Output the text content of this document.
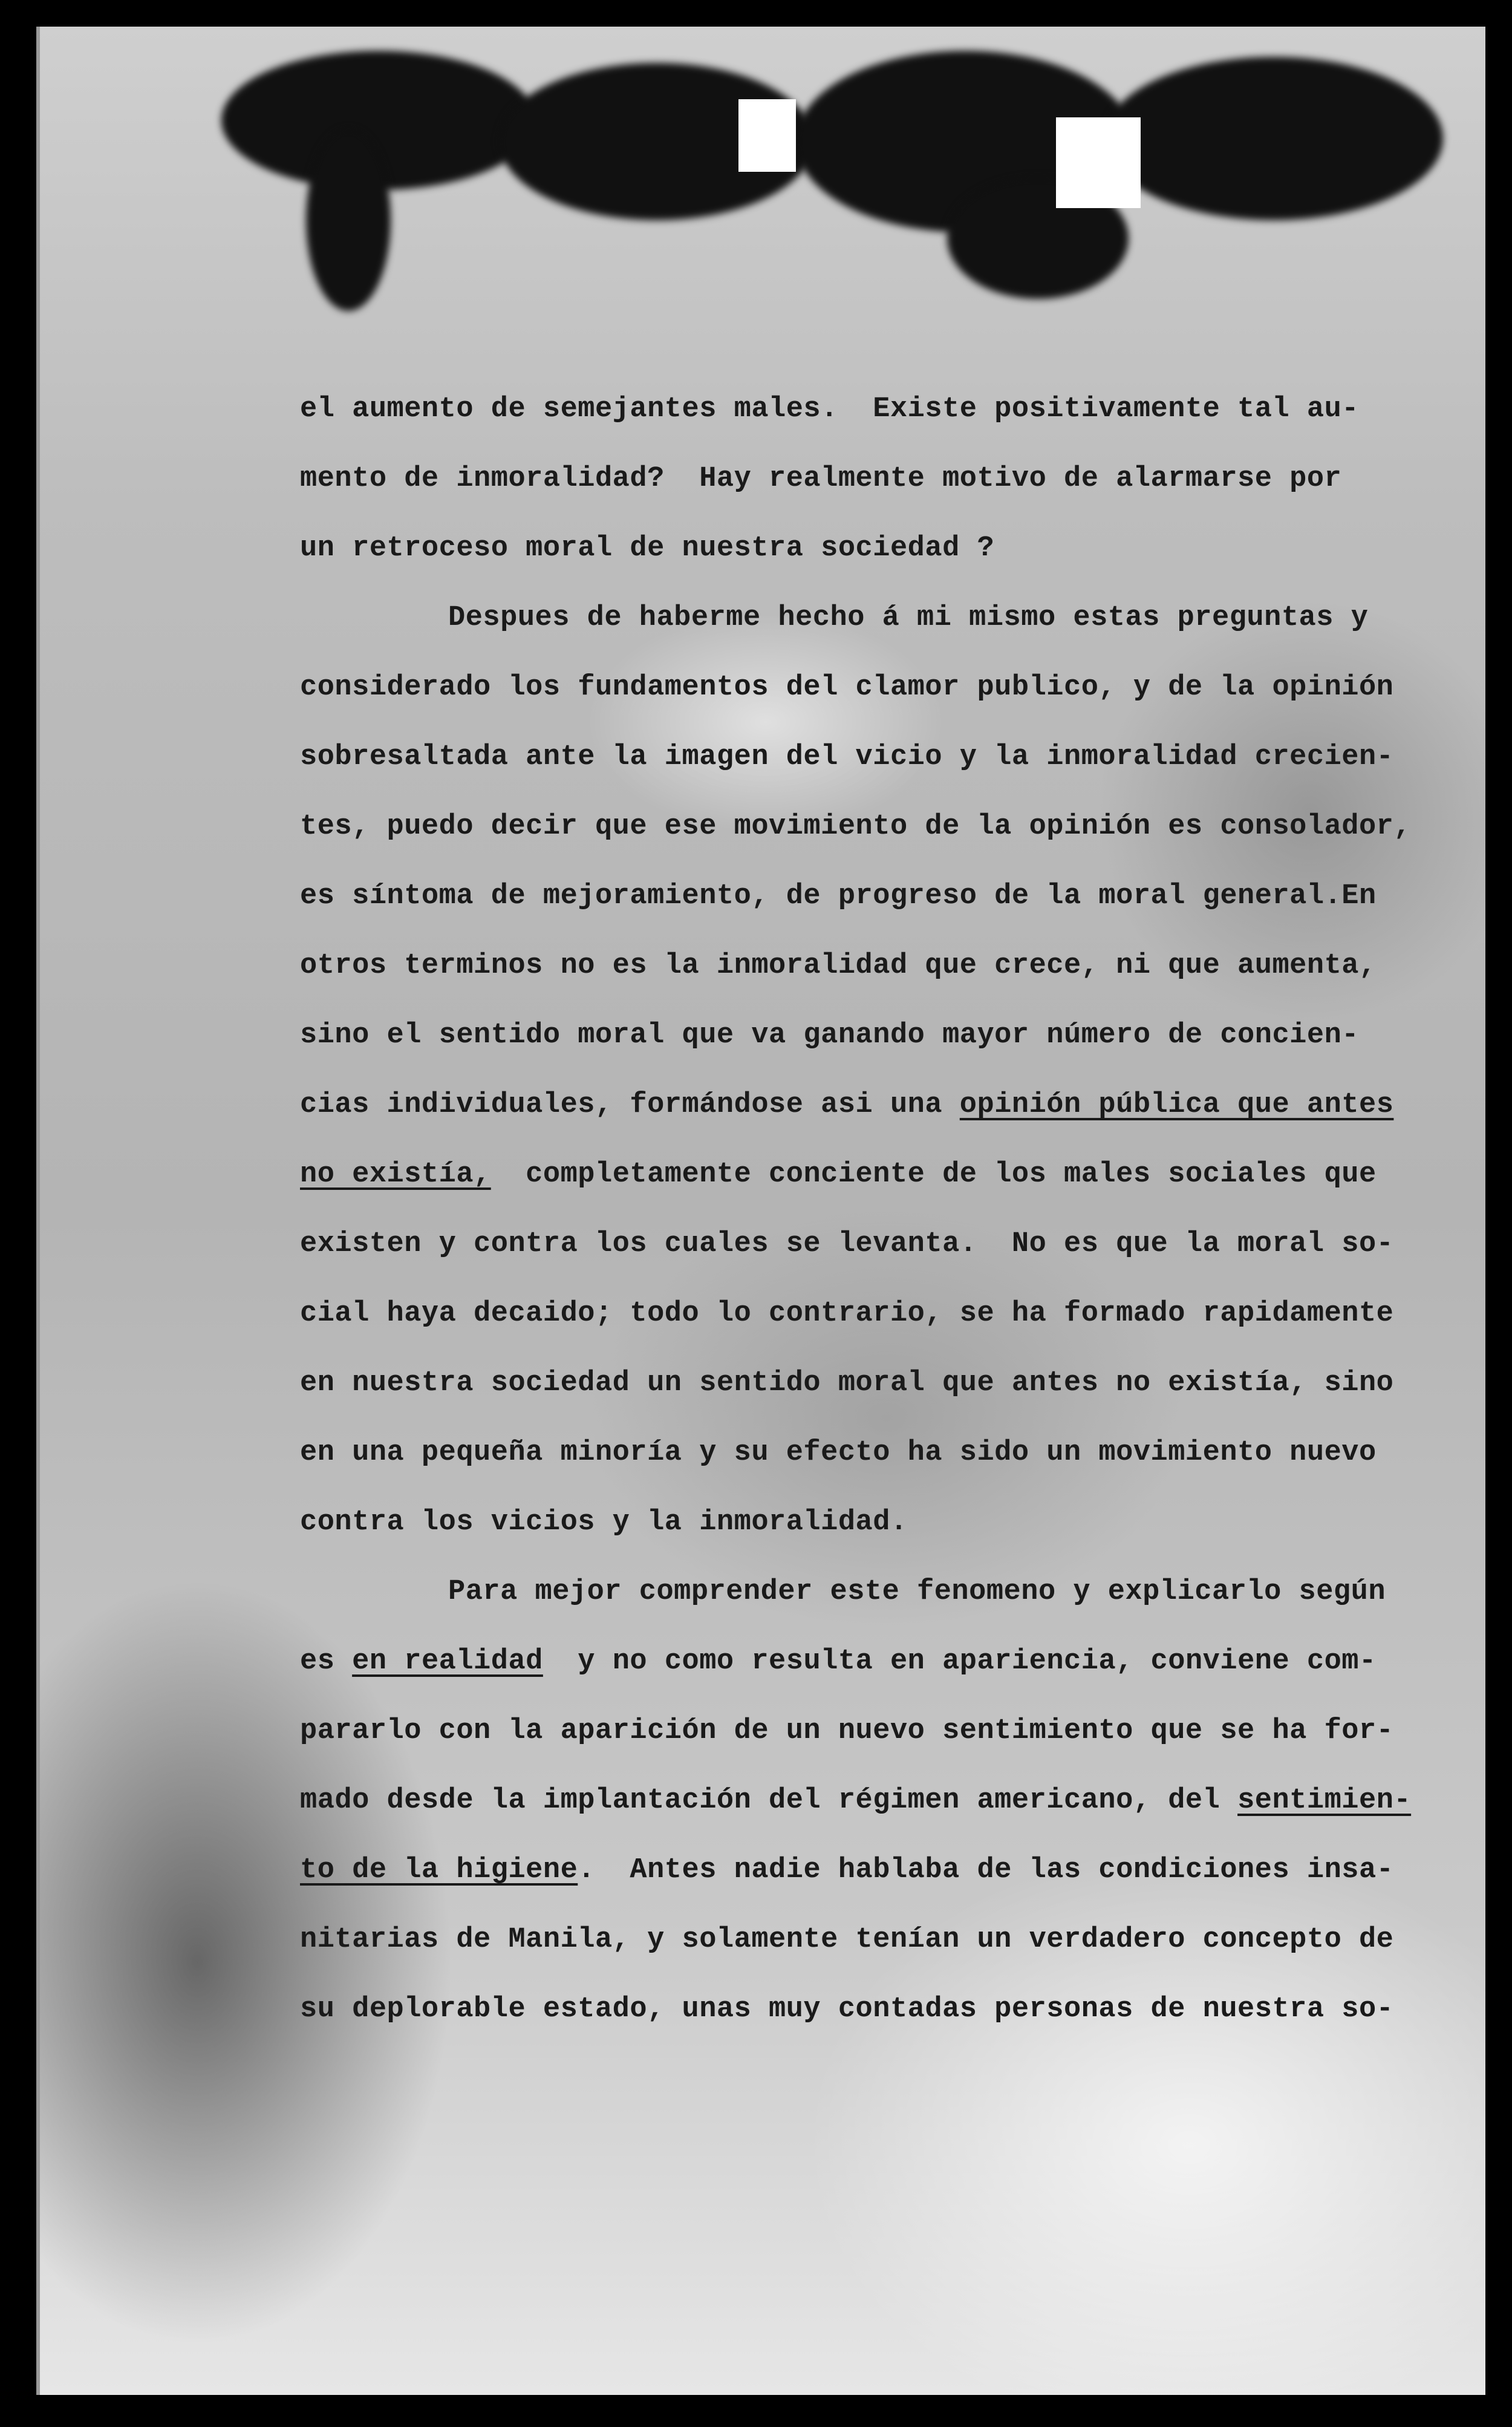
el aumento de semejantes males.  Existe positivamente tal au-
mento de inmoralidad?  Hay realmente motivo de alarmarse por
un retroceso moral de nuestra sociedad ?
Despues de haberme hecho á mi mismo estas preguntas y
considerado los fundamentos del clamor publico, y de la opinión
sobresaltada ante la imagen del vicio y la inmoralidad crecien-
tes, puedo decir que ese movimiento de la opinión es consolador,
es síntoma de mejoramiento, de progreso de la moral general.En
otros terminos no es la inmoralidad que crece, ni que aumenta,
sino el sentido moral que va ganando mayor número de concien-
cias individuales, formándose asi una opinión pública que antes
no existía,  completamente conciente de los males sociales que
existen y contra los cuales se levanta.  No es que la moral so-
cial haya decaido; todo lo contrario, se ha formado rapidamente
en nuestra sociedad un sentido moral que antes no existía, sino
en una pequeña minoría y su efecto ha sido un movimiento nuevo
contra los vicios y la inmoralidad.
Para mejor comprender este fenomeno y explicarlo según
es en realidad  y no como resulta en apariencia, conviene com-
pararlo con la aparición de un nuevo sentimiento que se ha for-
mado desde la implantación del régimen americano, del sentimien-
to de la higiene.  Antes nadie hablaba de las condiciones insa-
nitarias de Manila, y solamente tenían un verdadero concepto de
su deplorable estado, unas muy contadas personas de nuestra so-
